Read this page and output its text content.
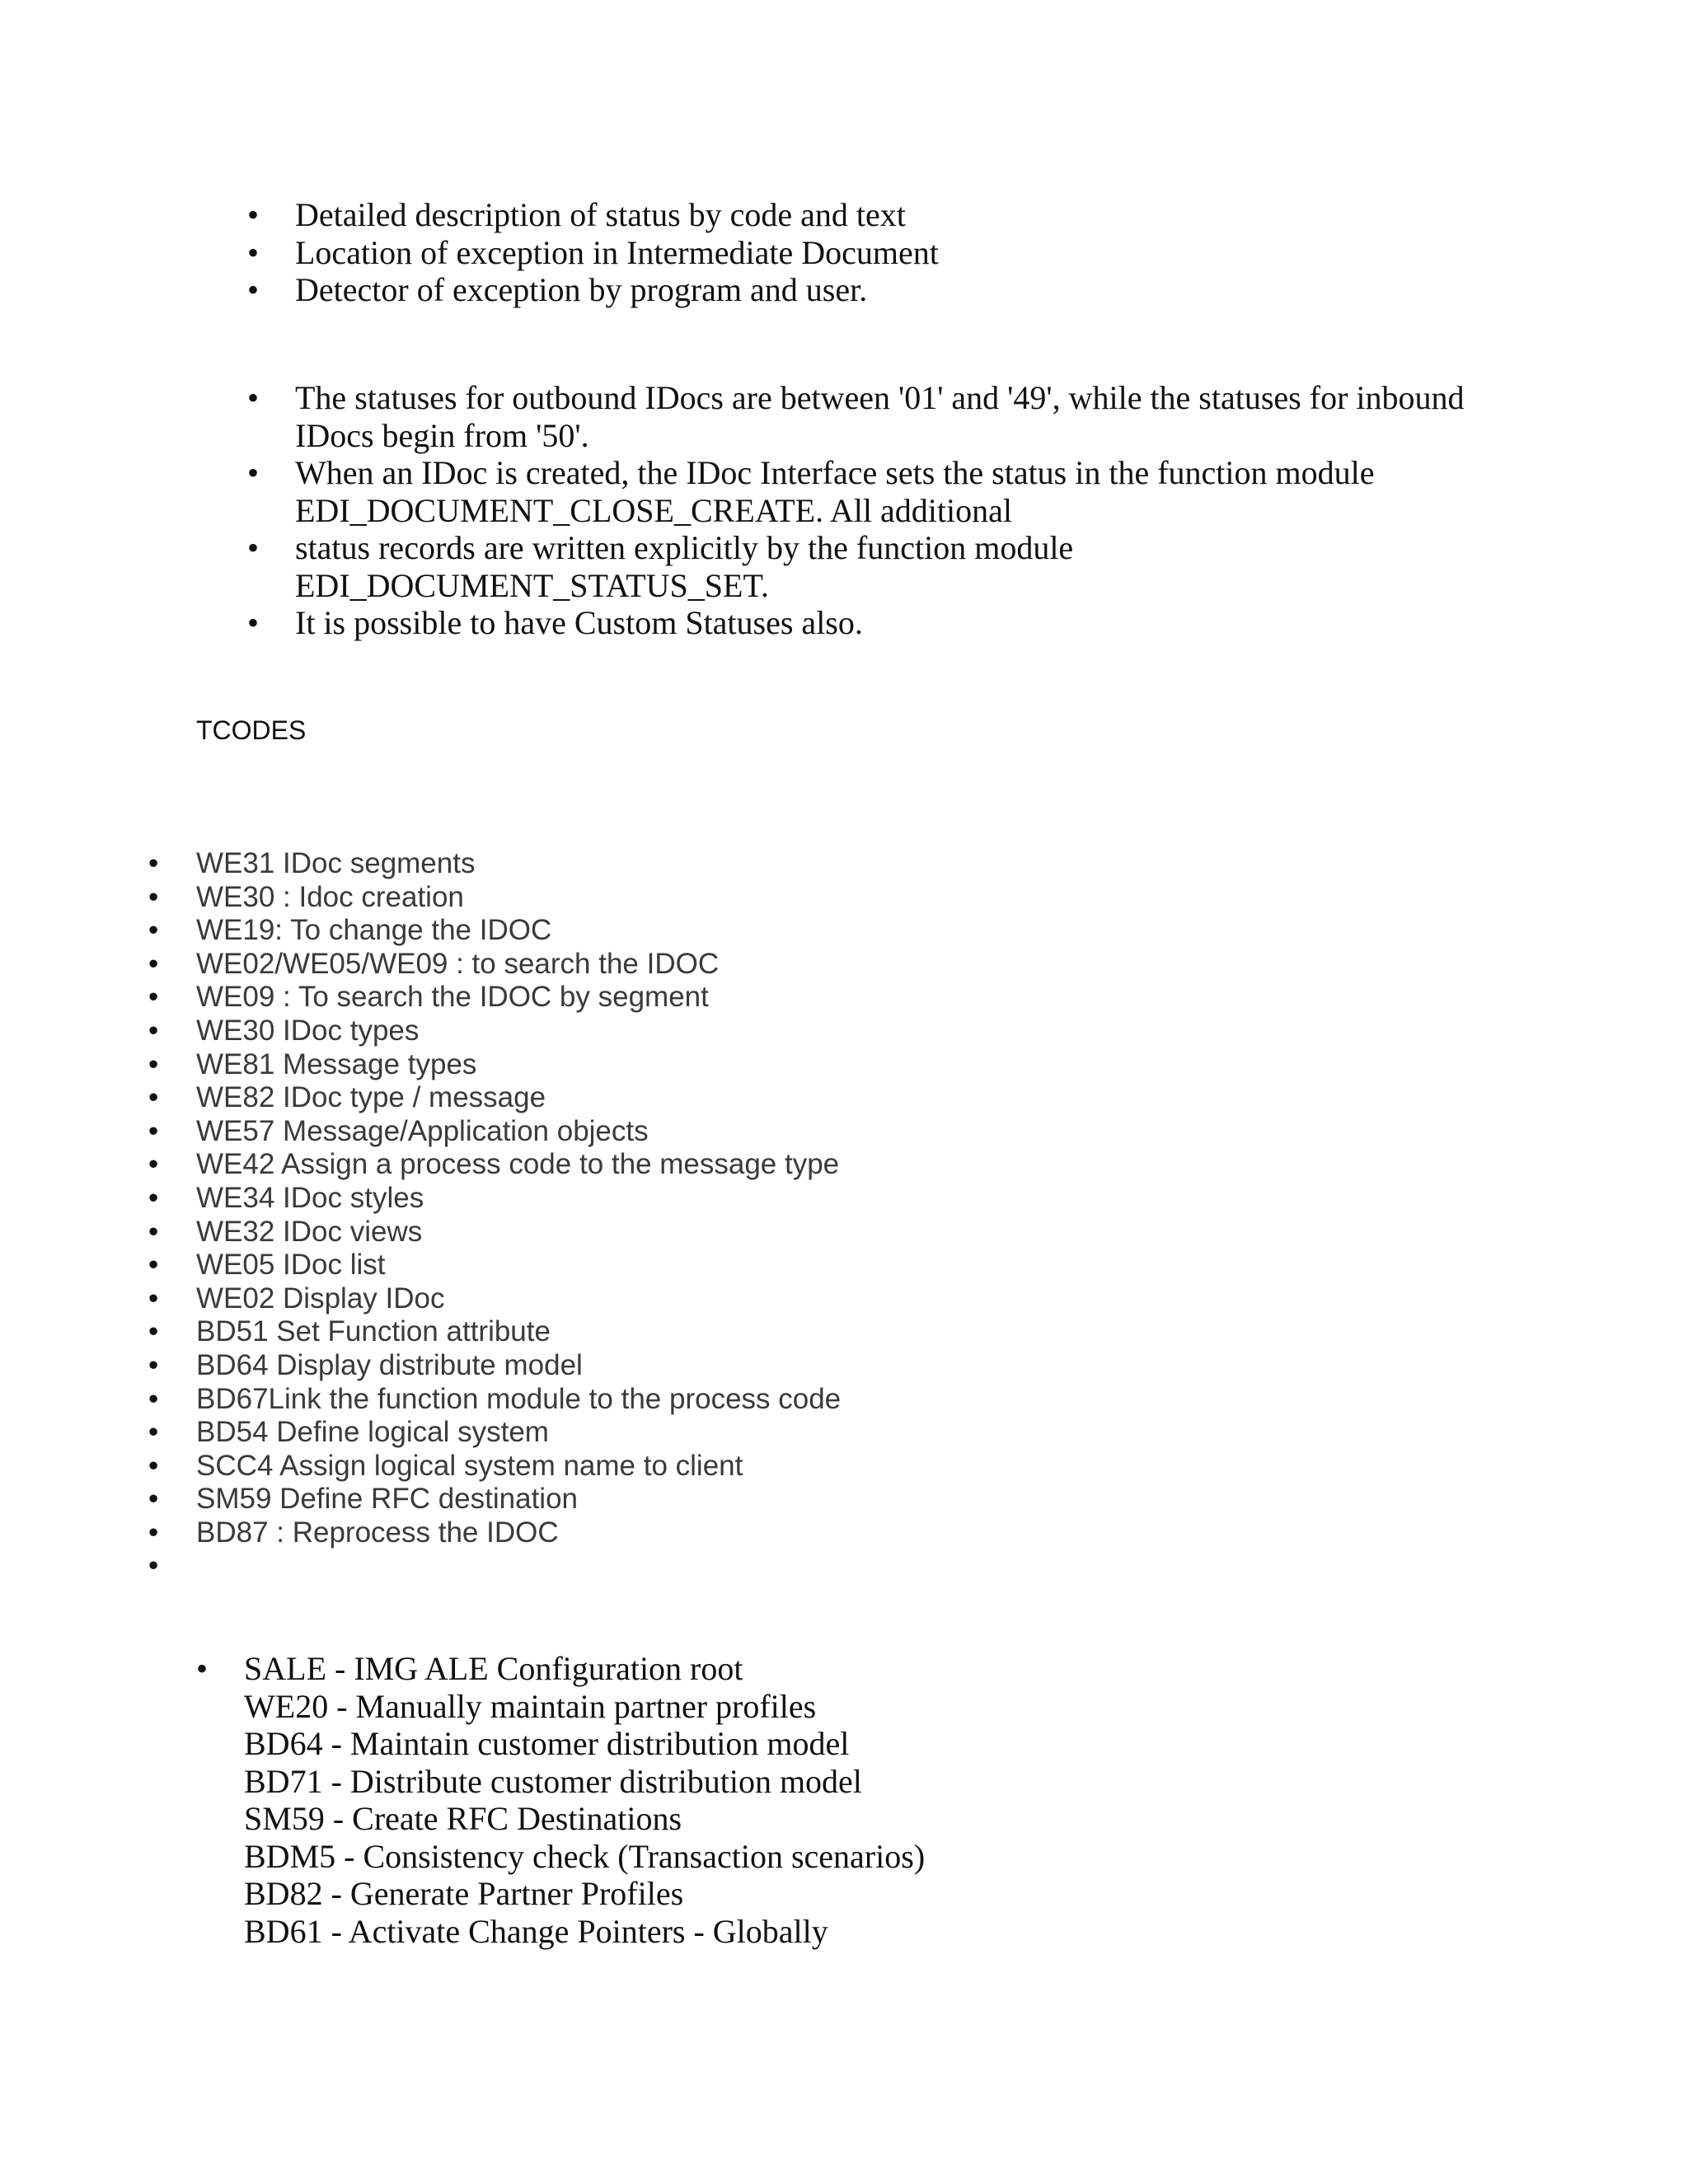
• Detailed description of status by code and text
• Location of exception in Intermediate Document
• Detector of exception by program and user.
• The statuses for outbound IDocs are between '01' and '49', while the statuses for inbound
IDocs begin from '50'.
• When an IDoc is created, the IDoc Interface sets the status in the function module
EDI_DOCUMENT_CLOSE_CREATE. All additional
• status records are written explicitly by the function module
EDI_DOCUMENT_STATUS_SET.
• It is possible to have Custom Statuses also.
TCODES
• WE31 IDoc segments
• WE30 : Idoc creation
• WE19: To change the IDOC
• WE02/WE05/WE09 : to search the IDOC
• WE09 : To search the IDOC by segment
• WE30 IDoc types
• WE81 Message types
• WE82 IDoc type / message
• WE57 Message/Application objects
• WE42 Assign a process code to the message type
• WE34 IDoc styles
• WE32 IDoc views
• WE05 IDoc list
• WE02 Display IDoc
• BD51 Set Function attribute
• BD64 Display distribute model
• BD67Link the function module to the process code
• BD54 Define logical system
• SCC4 Assign logical system name to client
• SM59 Define RFC destination
• BD87 : Reprocess the IDOC
•
• SALE - IMG ALE Configuration root
WE20 - Manually maintain partner profiles
BD64 - Maintain customer distribution model
BD71 - Distribute customer distribution model
SM59 - Create RFC Destinations
BDM5 - Consistency check (Transaction scenarios)
BD82 - Generate Partner Profiles
BD61 - Activate Change Pointers - Globally
